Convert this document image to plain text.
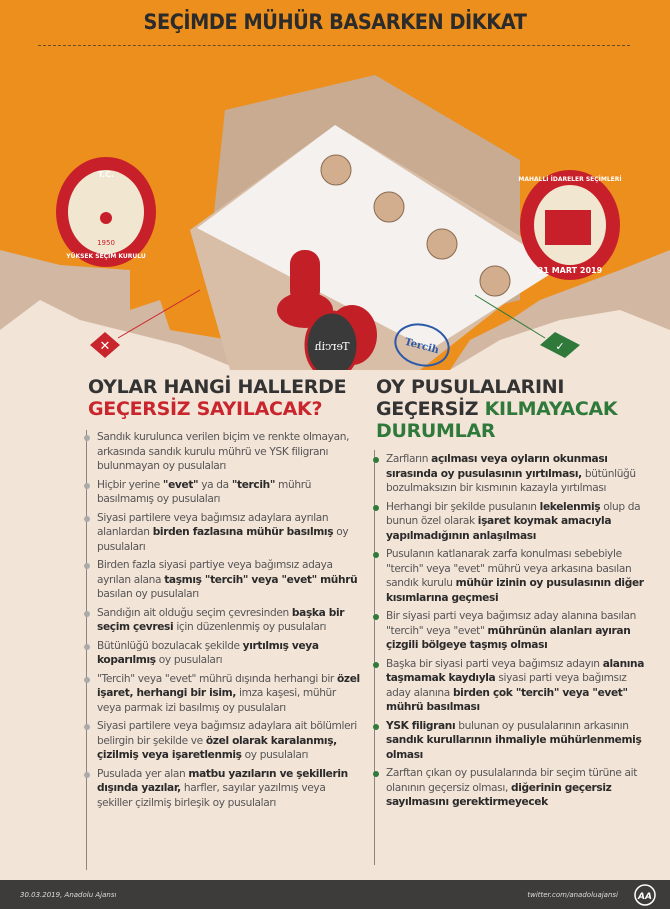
Tercih
Tercih
T.C.
YÜKSEK SEÇİM KURULU
1950
MAHALLİ İDARELER SEÇİMLERİ
31 MART 2019
✕	✓
SEÇİMDE MÜHÜR BASARKEN DİKKAT
OYLAR HANGİ HALLERDE
GEÇERSİZ SAYILACAK?
OY PUSULALARINI
GEÇERSİZ KILMAYACAK
DURUMLAR
Sandık kurulunca verilen biçim ve renkte olmayan, arkasında sandık kurulu mührü ve YSK filigranı bulunmayan oy pusulaları
Hiçbir yerine "evet" ya da "tercih" mührü basılmamış oy pusulaları
Siyasi partilere veya bağımsız adaylara ayrılan alanlardan birden fazlasına mühür basılmış oy pusulaları
Birden fazla siyasi partiye veya bağımsız adaya ayrılan alana taşmış "tercih" veya "evet" mührü basılan oy pusulaları
Sandığın ait olduğu seçim çevresinden başka bir seçim çevresi için düzenlenmiş oy pusulaları
Bütünlüğü bozulacak şekilde yırtılmış veya koparılmış oy pusulaları
"Tercih" veya "evet" mührü dışında herhangi bir özel işaret, herhangi bir isim, imza kaşesi, mühür veya parmak izi basılmış oy pusulaları
Siyasi partilere veya bağımsız adaylara ait bölümleri belirgin bir şekilde ve özel olarak karalanmış, çizilmiş veya işaretlenmiş oy pusulaları
Pusulada yer alan matbu yazıların ve şekillerin dışında yazılar, harfler, sayılar yazılmış veya şekiller çizilmiş birleşik oy pusulaları
Zarfların açılması veya oyların okunması sırasında oy pusulasının yırtılması, bütünlüğü bozulmaksızın bir kısmının kazayla yırtılması
Herhangi bir şekilde pusulanın lekelenmiş olup da bunun özel olarak işaret koymak amacıyla yapılmadığının anlaşılması
Pusulanın katlanarak zarfa konulması sebebiyle "tercih" veya "evet" mührü veya arkasına basılan sandık kurulu mühür izinin oy pusulasının diğer kısımlarına geçmesi
Bir siyasi parti veya bağımsız aday alanına basılan "tercih" veya "evet" mührünün alanları ayıran çizgili bölgeye taşmış olması
Başka bir siyasi parti veya bağımsız adayın alanına taşmamak kaydıyla siyasi parti veya bağımsız aday alanına birden çok "tercih" veya "evet" mührü basılması
YSK filigranı bulunan oy pusulalarının arkasının sandık kurullarının ihmaliyle mühürlenmemiş olması
Zarftan çıkan oy pusulalarında bir seçim türüne ait olanının geçersiz olması, diğerinin geçersiz sayılmasını gerektirmeyecek
30.03.2019, Anadolu Ajansı	twitter.com/anadoluajansi AA
